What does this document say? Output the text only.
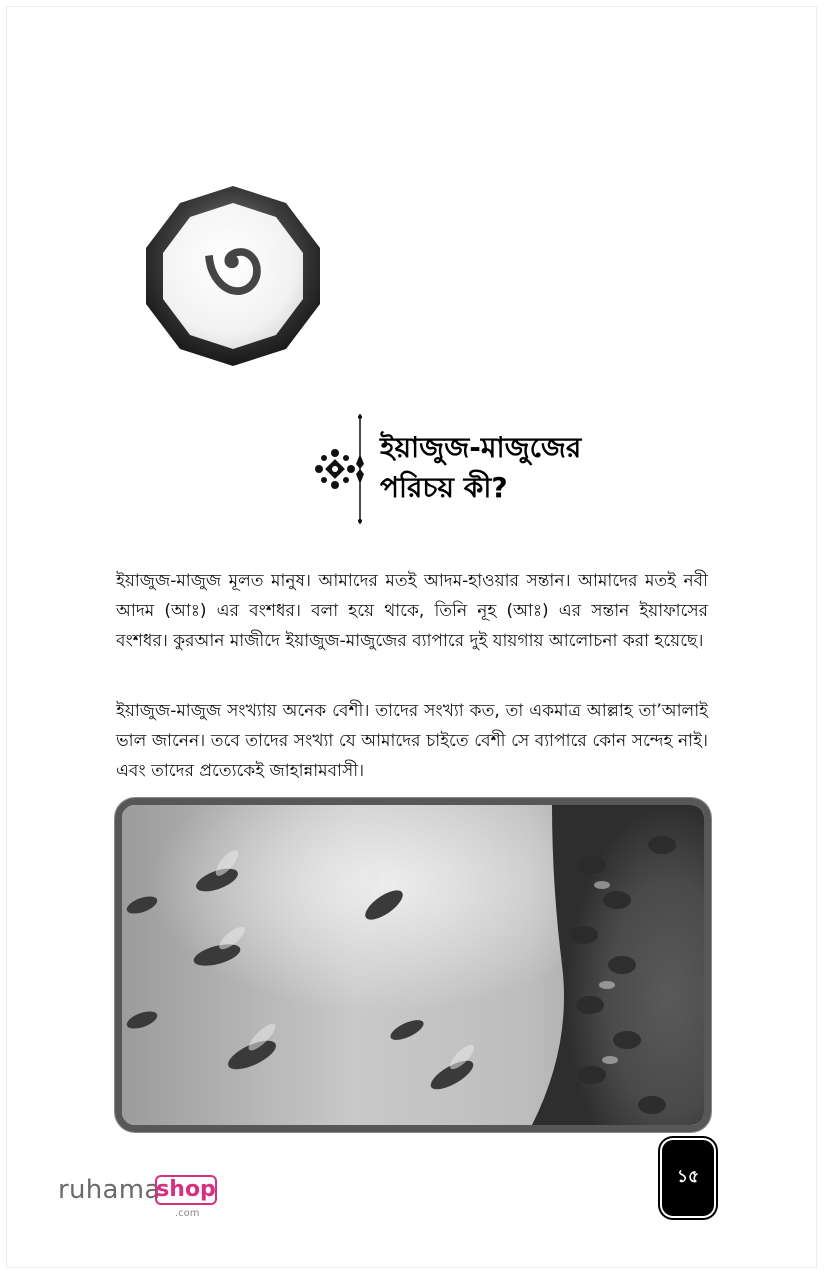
৩
ইয়াজুজ-মাজুজের
পরিচয় কী?

ইয়াজুজ-মাজুজ মূলত মানুষ। আমাদের মতই আদম-হাওয়ার সন্তান। আমাদের মতই নবী আদম (আঃ) এর বংশধর। বলা হয়ে থাকে, তিনি নূহ (আঃ) এর সন্তান ইয়াফাসের বংশধর। কুরআন মাজীদে ইয়াজুজ-মাজুজের ব্যাপারে দুই যায়গায় আলোচনা করা হয়েছে।

ইয়াজুজ-মাজুজ সংখ্যায় অনেক বেশী। তাদের সংখ্যা কত, তা একমাত্র আল্লাহ তা’আলাই ভাল জানেন। তবে তাদের সংখ্যা যে আমাদের চাইতে বেশী সে ব্যাপারে কোন সন্দেহ নাই। এবং তাদের প্রত্যেকেই জাহান্নামবাসী।

১৫
ruhama
shop
.com
